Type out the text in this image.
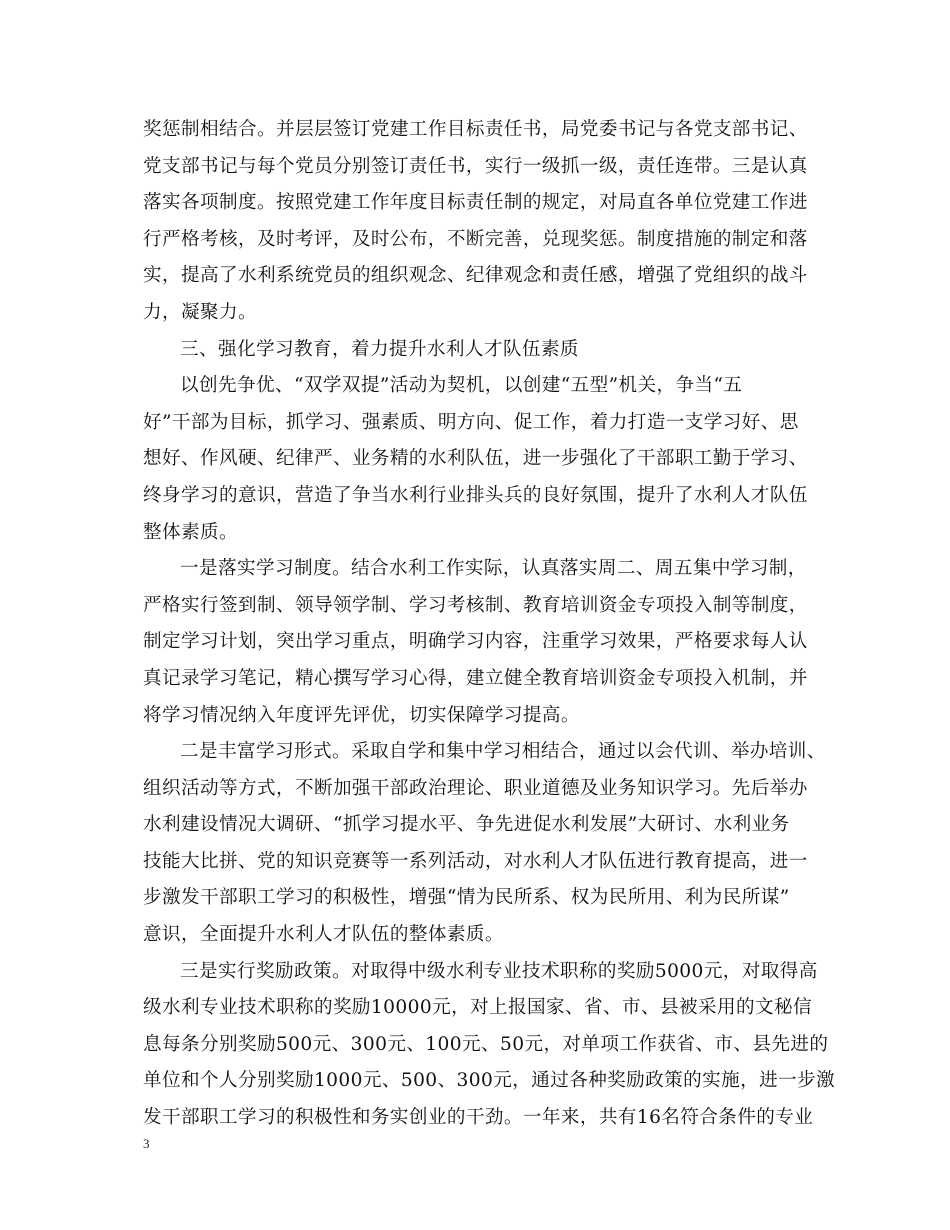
奖惩制相结合。并层层签订党建工作目标责任书，局党委书记与各党支部书记、
党支部书记与每个党员分别签订责任书，实行一级抓一级，责任连带。三是认真
落实各项制度。按照党建工作年度目标责任制的规定，对局直各单位党建工作进
行严格考核，及时考评，及时公布，不断完善，兑现奖惩。制度措施的制定和落
实，提高了水利系统党员的组织观念、纪律观念和责任感，增强了党组织的战斗
力，凝聚力。

三、强化学习教育，着力提升水利人才队伍素质

以创先争优、“双学双提”活动为契机，以创建“五型”机关，争当“五
好”干部为目标，抓学习、强素质、明方向、促工作，着力打造一支学习好、思
想好、作风硬、纪律严、业务精的水利队伍，进一步强化了干部职工勤于学习、
终身学习的意识，营造了争当水利行业排头兵的良好氛围，提升了水利人才队伍
整体素质。

一是落实学习制度。结合水利工作实际，认真落实周二、周五集中学习制，
严格实行签到制、领导领学制、学习考核制、教育培训资金专项投入制等制度，
制定学习计划，突出学习重点，明确学习内容，注重学习效果，严格要求每人认
真记录学习笔记，精心撰写学习心得，建立健全教育培训资金专项投入机制，并
将学习情况纳入年度评先评优，切实保障学习提高。

二是丰富学习形式。采取自学和集中学习相结合，通过以会代训、举办培训、
组织活动等方式，不断加强干部政治理论、职业道德及业务知识学习。先后举办
水利建设情况大调研、“抓学习提水平、争先进促水利发展”大研讨、水利业务
技能大比拼、党的知识竞赛等一系列活动，对水利人才队伍进行教育提高，进一
步激发干部职工学习的积极性，增强“情为民所系、权为民所用、利为民所谋”
意识，全面提升水利人才队伍的整体素质。

三是实行奖励政策。对取得中级水利专业技术职称的奖励5000元，对取得高
级水利专业技术职称的奖励10000元，对上报国家、省、市、县被采用的文秘信
息每条分别奖励500元、300元、100元、50元，对单项工作获省、市、县先进的
单位和个人分别奖励1000元、500、300元，通过各种奖励政策的实施，进一步激
发干部职工学习的积极性和务实创业的干劲。一年来，共有16名符合条件的专业

3
